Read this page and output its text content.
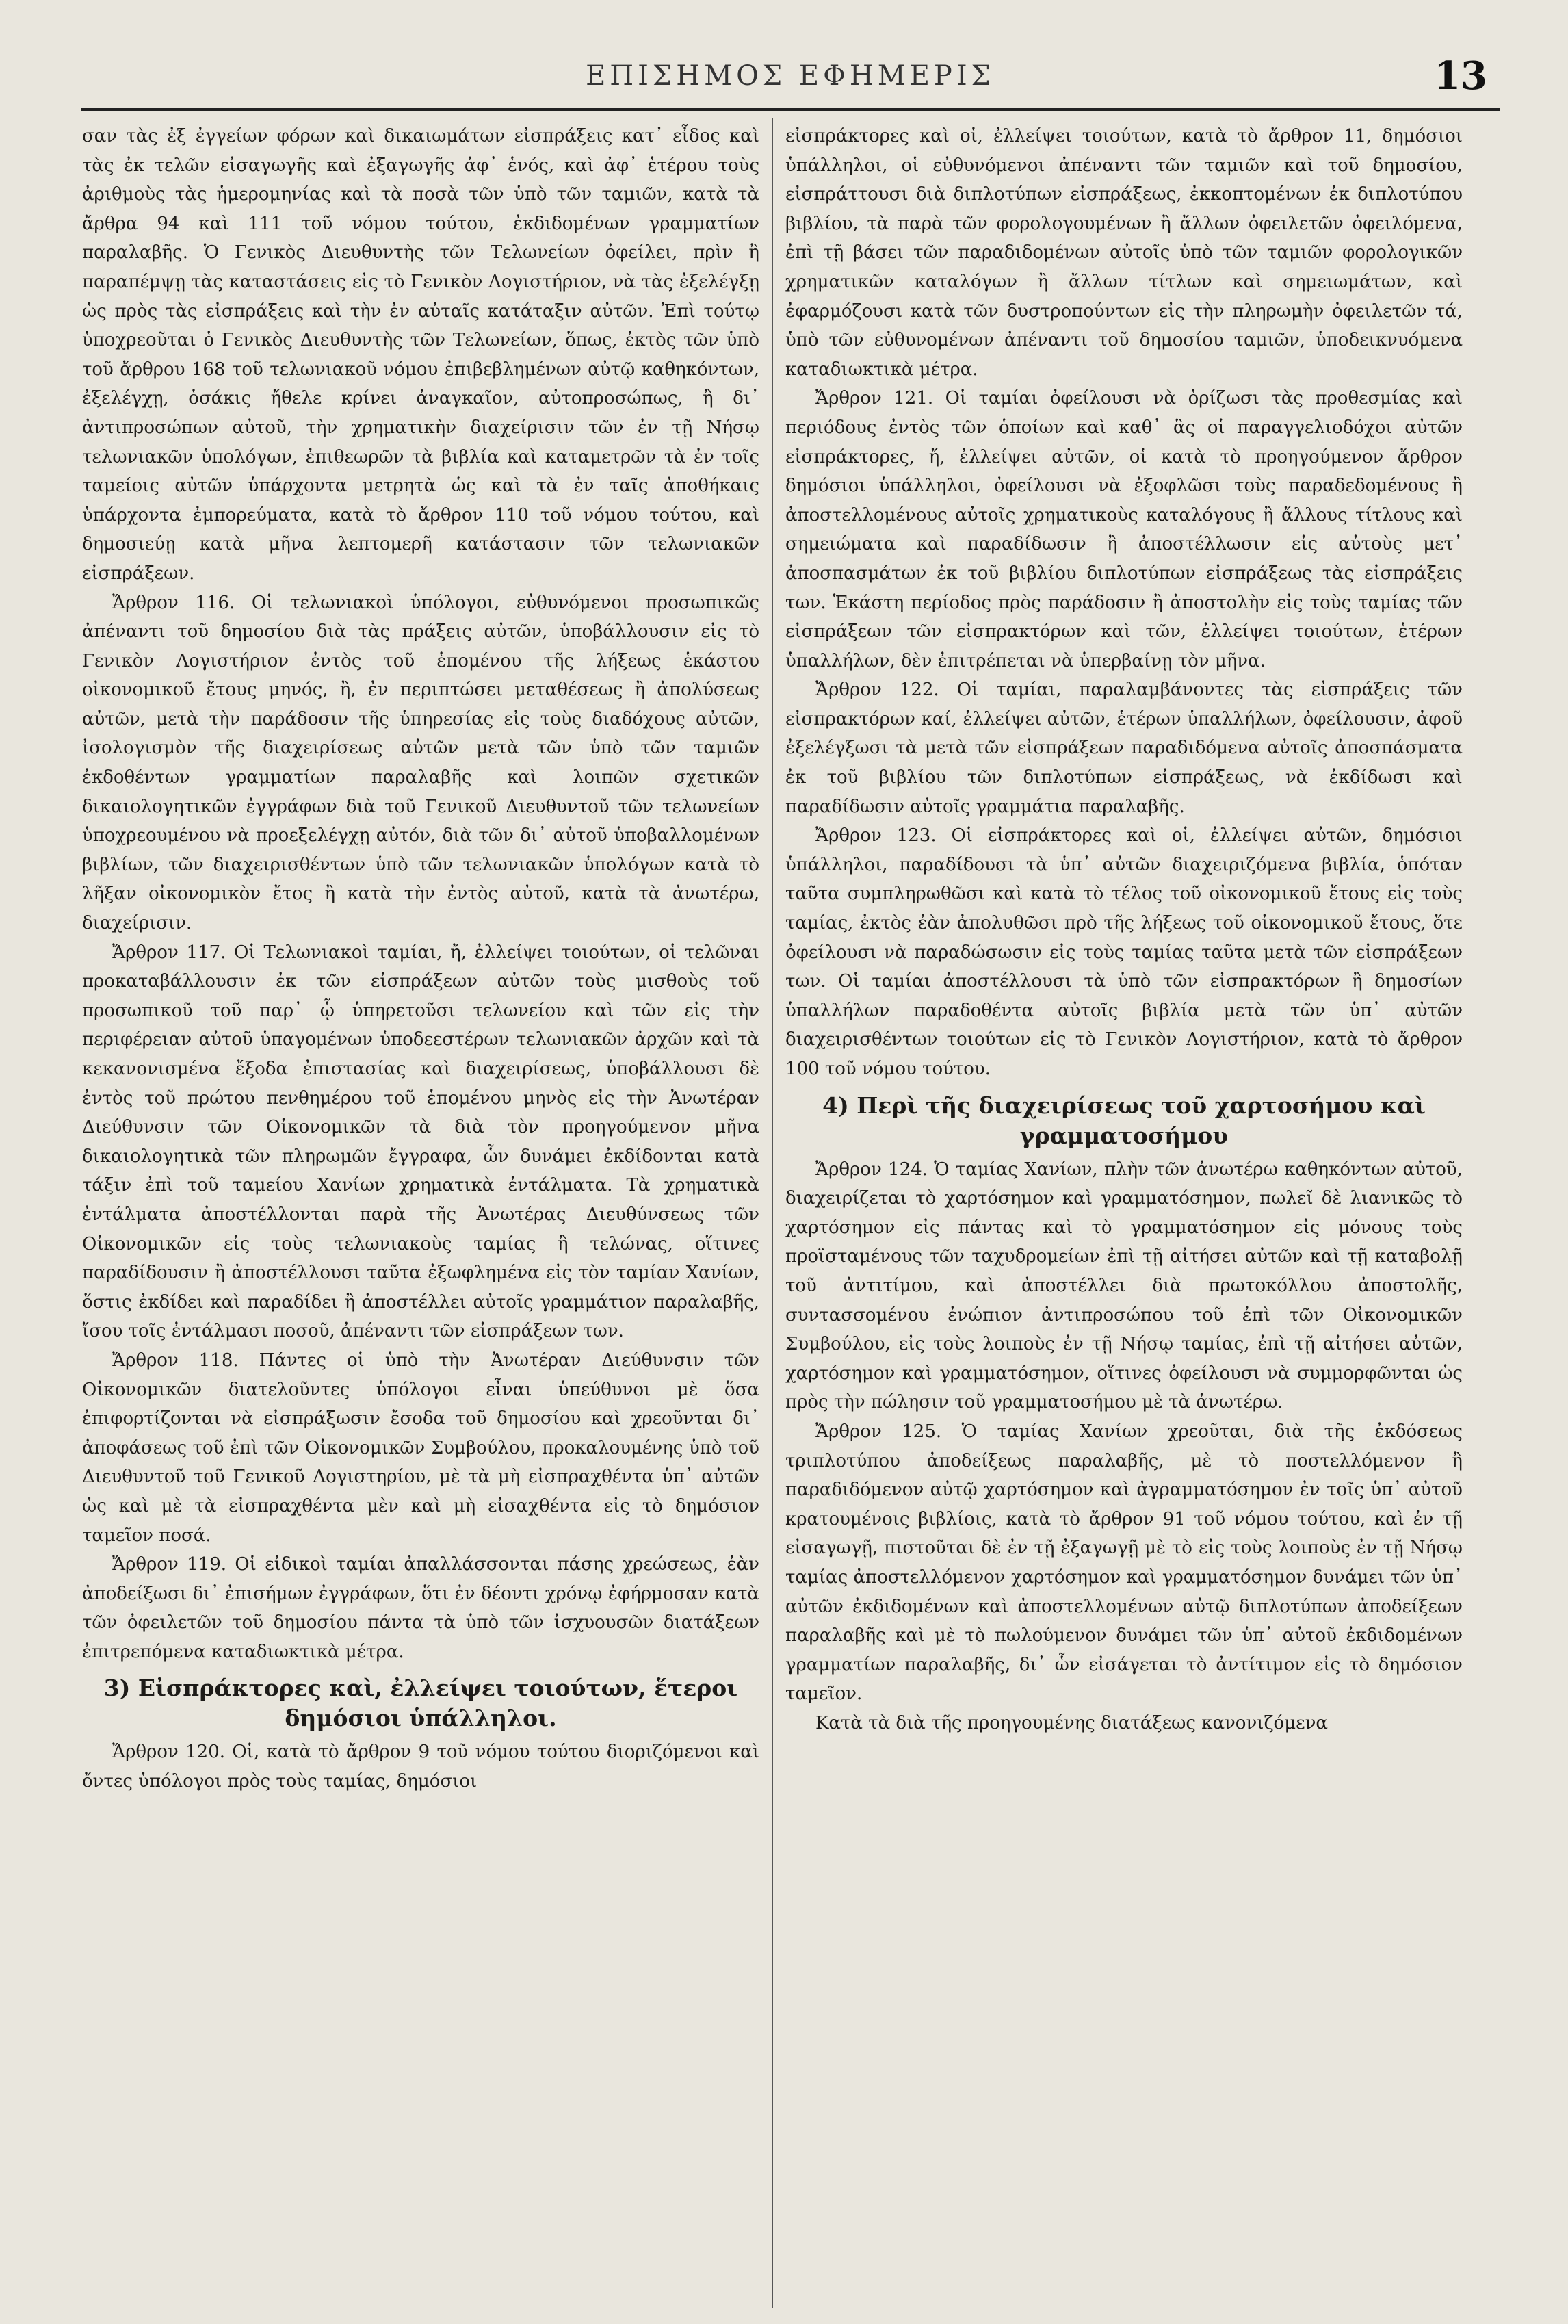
ΕΠΙΣΗΜΟΣ ΕΦΗΜΕΡΙΣ	13

σαν τὰς ἐξ ἐγγείων φόρων καὶ δικαιωμάτων εἰσπράξεις κατ᾽ εἶδος καὶ τὰς ἐκ τελῶν εἰσαγωγῆς καὶ ἐξαγωγῆς ἀφ᾽ ἑνός, καὶ ἀφ᾽ ἑτέρου τοὺς ἀριθμοὺς τὰς ἡμερομηνίας καὶ τὰ ποσὰ τῶν ὑπὸ τῶν ταμιῶν, κατὰ τὰ ἄρθρα 94 καὶ 111 τοῦ νόμου τούτου, ἐκδιδομένων γραμματίων παραλαβῆς. Ὁ Γενικὸς Διευθυντὴς τῶν Τελωνείων ὀφείλει, πρὶν ἢ παραπέμψῃ τὰς καταστάσεις εἰς τὸ Γενικὸν Λογιστήριον, νὰ τὰς ἐξελέγξῃ ὡς πρὸς τὰς εἰσπράξεις καὶ τὴν ἐν αὐταῖς κατάταξιν αὐτῶν. Ἐπὶ τούτῳ ὑποχρεοῦται ὁ Γενικὸς Διευθυντὴς τῶν Τελωνείων, ὅπως, ἐκτὸς τῶν ὑπὸ τοῦ ἄρθρου 168 τοῦ τελωνιακοῦ νόμου ἐπιβεβλημένων αὐτῷ καθηκόντων, ἐξελέγχῃ, ὁσάκις ἤθελε κρίνει ἀναγκαῖον, αὐτοπροσώπως, ἢ δι᾽ ἀντιπροσώπων αὐτοῦ, τὴν χρηματικὴν διαχείρισιν τῶν ἐν τῇ Νήσῳ τελωνιακῶν ὑπολόγων, ἐπιθεωρῶν τὰ βιβλία καὶ καταμετρῶν τὰ ἐν τοῖς ταμείοις αὐτῶν ὑπάρχοντα μετρητὰ ὡς καὶ τὰ ἐν ταῖς ἀποθήκαις ὑπάρχοντα ἐμπορεύματα, κατὰ τὸ ἄρθρον 110 τοῦ νόμου τούτου, καὶ δημοσιεύῃ κατὰ μῆνα λεπτομερῆ κατάστασιν τῶν τελωνιακῶν εἰσπράξεων.

Ἄρθρον 116. Οἱ τελωνιακοὶ ὑπόλογοι, εὐθυνόμενοι προσωπικῶς ἀπέναντι τοῦ δημοσίου διὰ τὰς πράξεις αὐτῶν, ὑποβάλλουσιν εἰς τὸ Γενικὸν Λογιστήριον ἐντὸς τοῦ ἑπομένου τῆς λήξεως ἑκάστου οἰκονομικοῦ ἔτους μηνός, ἢ, ἐν περιπτώσει μεταθέσεως ἢ ἀπολύσεως αὐτῶν, μετὰ τὴν παράδοσιν τῆς ὑπηρεσίας εἰς τοὺς διαδόχους αὐτῶν, ἰσολογισμὸν τῆς διαχειρίσεως αὐτῶν μετὰ τῶν ὑπὸ τῶν ταμιῶν ἐκδοθέντων γραμματίων παραλαβῆς καὶ λοιπῶν σχετικῶν δικαιολογητικῶν ἐγγράφων διὰ τοῦ Γενικοῦ Διευθυντοῦ τῶν τελωνείων ὑποχρεουμένου νὰ προεξελέγχῃ αὐτόν, διὰ τῶν δι᾽ αὐτοῦ ὑποβαλλομένων βιβλίων, τῶν διαχειρισθέντων ὑπὸ τῶν τελωνιακῶν ὑπολόγων κατὰ τὸ λῆξαν οἰκονομικὸν ἔτος ἢ κατὰ τὴν ἐντὸς αὐτοῦ, κατὰ τὰ ἀνωτέρω, διαχείρισιν.

Ἄρθρον 117. Οἱ Τελωνιακοὶ ταμίαι, ἤ, ἐλλείψει τοιούτων, οἱ τελῶναι προκαταβάλλουσιν ἐκ τῶν εἰσπράξεων αὐτῶν τοὺς μισθοὺς τοῦ προσωπικοῦ τοῦ παρ᾽ ᾧ ὑπηρετοῦσι τελωνείου καὶ τῶν εἰς τὴν περιφέρειαν αὐτοῦ ὑπαγομένων ὑποδεεστέρων τελωνιακῶν ἀρχῶν καὶ τὰ κεκανονισμένα ἔξοδα ἐπιστασίας καὶ διαχειρίσεως, ὑποβάλλουσι δὲ ἐντὸς τοῦ πρώτου πενθημέρου τοῦ ἑπομένου μηνὸς εἰς τὴν Ἀνωτέραν Διεύθυνσιν τῶν Οἰκονομικῶν τὰ διὰ τὸν προηγούμενον μῆνα δικαιολογητικὰ τῶν πληρωμῶν ἔγγραφα, ὧν δυνάμει ἐκδίδονται κατὰ τάξιν ἐπὶ τοῦ ταμείου Χανίων χρηματικὰ ἐντάλματα. Τὰ χρηματικὰ ἐντάλματα ἀποστέλλονται παρὰ τῆς Ἀνωτέρας Διευθύνσεως τῶν Οἰκονομικῶν εἰς τοὺς τελωνιακοὺς ταμίας ἢ τελώνας, οἵτινες παραδίδουσιν ἢ ἀποστέλλουσι ταῦτα ἐξωφλημένα εἰς τὸν ταμίαν Χανίων, ὅστις ἐκδίδει καὶ παραδίδει ἢ ἀποστέλλει αὐτοῖς γραμμάτιον παραλαβῆς, ἴσου τοῖς ἐντάλμασι ποσοῦ, ἀπέναντι τῶν εἰσπράξεων των.

Ἄρθρον 118. Πάντες οἱ ὑπὸ τὴν Ἀνωτέραν Διεύθυνσιν τῶν Οἰκονομικῶν διατελοῦντες ὑπόλογοι εἶναι ὑπεύθυνοι μὲ ὅσα ἐπιφορτίζονται νὰ εἰσπράξωσιν ἔσοδα τοῦ δημοσίου καὶ χρεοῦνται δι᾽ ἀποφάσεως τοῦ ἐπὶ τῶν Οἰκονομικῶν Συμβούλου, προκαλουμένης ὑπὸ τοῦ Διευθυντοῦ τοῦ Γενικοῦ Λογιστηρίου, μὲ τὰ μὴ εἰσπραχθέντα ὑπ᾽ αὐτῶν ὡς καὶ μὲ τὰ εἰσπραχθέντα μὲν καὶ μὴ εἰσαχθέντα εἰς τὸ δημόσιον ταμεῖον ποσά.

Ἄρθρον 119. Οἱ εἰδικοὶ ταμίαι ἀπαλλάσσονται πάσης χρεώσεως, ἐὰν ἀποδείξωσι δι᾽ ἐπισήμων ἐγγράφων, ὅτι ἐν δέοντι χρόνῳ ἐφήρμοσαν κατὰ τῶν ὀφειλετῶν τοῦ δημοσίου πάντα τὰ ὑπὸ τῶν ἰσχυουσῶν διατάξεων ἐπιτρεπόμενα καταδιωκτικὰ μέτρα.

3) Εἰσπράκτορες καὶ, ἐλλείψει τοιούτων, ἕτεροι δημόσιοι ὑπάλληλοι.

Ἄρθρον 120. Οἱ, κατὰ τὸ ἄρθρον 9 τοῦ νόμου τούτου διοριζόμενοι καὶ ὄντες ὑπόλογοι πρὸς τοὺς ταμίας, δημόσιοι

εἰσπράκτορες καὶ οἱ, ἐλλείψει τοιούτων, κατὰ τὸ ἄρθρον 11, δημόσιοι ὑπάλληλοι, οἱ εὐθυνόμενοι ἀπέναντι τῶν ταμιῶν καὶ τοῦ δημοσίου, εἰσπράττουσι διὰ διπλοτύπων εἰσπράξεως, ἐκκοπτομένων ἐκ διπλοτύπου βιβλίου, τὰ παρὰ τῶν φορολογουμένων ἢ ἄλλων ὀφειλετῶν ὀφειλόμενα, ἐπὶ τῇ βάσει τῶν παραδιδομένων αὐτοῖς ὑπὸ τῶν ταμιῶν φορολογικῶν χρηματικῶν καταλόγων ἢ ἄλλων τίτλων καὶ σημειωμάτων, καὶ ἐφαρμόζουσι κατὰ τῶν δυστροπούντων εἰς τὴν πληρωμὴν ὀφειλετῶν τά, ὑπὸ τῶν εὐθυνομένων ἀπέναντι τοῦ δημοσίου ταμιῶν, ὑποδεικνυόμενα καταδιωκτικὰ μέτρα.

Ἄρθρον 121. Οἱ ταμίαι ὀφείλουσι νὰ ὁρίζωσι τὰς προθεσμίας καὶ περιόδους ἐντὸς τῶν ὁποίων καὶ καθ᾽ ἃς οἱ παραγγελιοδόχοι αὐτῶν εἰσπράκτορες, ἤ, ἐλλείψει αὐτῶν, οἱ κατὰ τὸ προηγούμενον ἄρθρον δημόσιοι ὑπάλληλοι, ὀφείλουσι νὰ ἐξοφλῶσι τοὺς παραδεδομένους ἢ ἀποστελλομένους αὐτοῖς χρηματικοὺς καταλόγους ἢ ἄλλους τίτλους καὶ σημειώματα καὶ παραδίδωσιν ἢ ἀποστέλλωσιν εἰς αὐτοὺς μετ᾽ ἀποσπασμάτων ἐκ τοῦ βιβλίου διπλοτύπων εἰσπράξεως τὰς εἰσπράξεις των. Ἑκάστη περίοδος πρὸς παράδοσιν ἢ ἀποστολὴν εἰς τοὺς ταμίας τῶν εἰσπράξεων τῶν εἰσπρακτόρων καὶ τῶν, ἐλλείψει τοιούτων, ἑτέρων ὑπαλλήλων, δὲν ἐπιτρέπεται νὰ ὑπερβαίνῃ τὸν μῆνα.

Ἄρθρον 122. Οἱ ταμίαι, παραλαμβάνοντες τὰς εἰσπράξεις τῶν εἰσπρακτόρων καί, ἐλλείψει αὐτῶν, ἑτέρων ὑπαλλήλων, ὀφείλουσιν, ἀφοῦ ἐξελέγξωσι τὰ μετὰ τῶν εἰσπράξεων παραδιδόμενα αὐτοῖς ἀποσπάσματα ἐκ τοῦ βιβλίου τῶν διπλοτύπων εἰσπράξεως, νὰ ἐκδίδωσι καὶ παραδίδωσιν αὐτοῖς γραμμάτια παραλαβῆς.

Ἄρθρον 123. Οἱ εἰσπράκτορες καὶ οἱ, ἐλλείψει αὐτῶν, δημόσιοι ὑπάλληλοι, παραδίδουσι τὰ ὑπ᾽ αὐτῶν διαχειριζόμενα βιβλία, ὁπόταν ταῦτα συμπληρωθῶσι καὶ κατὰ τὸ τέλος τοῦ οἰκονομικοῦ ἔτους εἰς τοὺς ταμίας, ἐκτὸς ἐὰν ἀπολυθῶσι πρὸ τῆς λήξεως τοῦ οἰκονομικοῦ ἔτους, ὅτε ὀφείλουσι νὰ παραδώσωσιν εἰς τοὺς ταμίας ταῦτα μετὰ τῶν εἰσπράξεων των. Οἱ ταμίαι ἀποστέλλουσι τὰ ὑπὸ τῶν εἰσπρακτόρων ἢ δημοσίων ὑπαλλήλων παραδοθέντα αὐτοῖς βιβλία μετὰ τῶν ὑπ᾽ αὐτῶν διαχειρισθέντων τοιούτων εἰς τὸ Γενικὸν Λογιστήριον, κατὰ τὸ ἄρθρον 100 τοῦ νόμου τούτου.

4) Περὶ τῆς διαχειρίσεως τοῦ χαρτοσήμου καὶ γραμματοσήμου

Ἄρθρον 124. Ὁ ταμίας Χανίων, πλὴν τῶν ἀνωτέρω καθηκόντων αὐτοῦ, διαχειρίζεται τὸ χαρτόσημον καὶ γραμματόσημον, πωλεῖ δὲ λιανικῶς τὸ χαρτόσημον εἰς πάντας καὶ τὸ γραμματόσημον εἰς μόνους τοὺς προϊσταμένους τῶν ταχυδρομείων ἐπὶ τῇ αἰτήσει αὐτῶν καὶ τῇ καταβολῇ τοῦ ἀντιτίμου, καὶ ἀποστέλλει διὰ πρωτοκόλλου ἀποστολῆς, συντασσομένου ἐνώπιον ἀντιπροσώπου τοῦ ἐπὶ τῶν Οἰκονομικῶν Συμβούλου, εἰς τοὺς λοιποὺς ἐν τῇ Νήσῳ ταμίας, ἐπὶ τῇ αἰτήσει αὐτῶν, χαρτόσημον καὶ γραμματόσημον, οἵτινες ὀφείλουσι νὰ συμμορφῶνται ὡς πρὸς τὴν πώλησιν τοῦ γραμματοσήμου μὲ τὰ ἀνωτέρω.

Ἄρθρον 125. Ὁ ταμίας Χανίων χρεοῦται, διὰ τῆς ἐκδόσεως τριπλοτύπου ἀποδείξεως παραλαβῆς, μὲ τὸ ποστελλόμενον ἢ παραδιδόμενον αὐτῷ χαρτόσημον καὶ ἀγραμματόσημον ἐν τοῖς ὑπ᾽ αὐτοῦ κρατουμένοις βιβλίοις, κατὰ τὸ ἄρθρον 91 τοῦ νόμου τούτου, καὶ ἐν τῇ εἰσαγωγῇ, πιστοῦται δὲ ἐν τῇ ἐξαγωγῇ μὲ τὸ εἰς τοὺς λοιποὺς ἐν τῇ Νήσῳ ταμίας ἀποστελλόμενον χαρτόσημον καὶ γραμματόσημον δυνάμει τῶν ὑπ᾽ αὐτῶν ἐκδιδομένων καὶ ἀποστελλομένων αὐτῷ διπλοτύπων ἀποδείξεων παραλαβῆς καὶ μὲ τὸ πωλούμενον δυνάμει τῶν ὑπ᾽ αὐτοῦ ἐκδιδομένων γραμματίων παραλαβῆς, δι᾽ ὧν εἰσάγεται τὸ ἀντίτιμον εἰς τὸ δημόσιον ταμεῖον.

Κατὰ τὰ διὰ τῆς προηγουμένης διατάξεως κανονιζόμενα
